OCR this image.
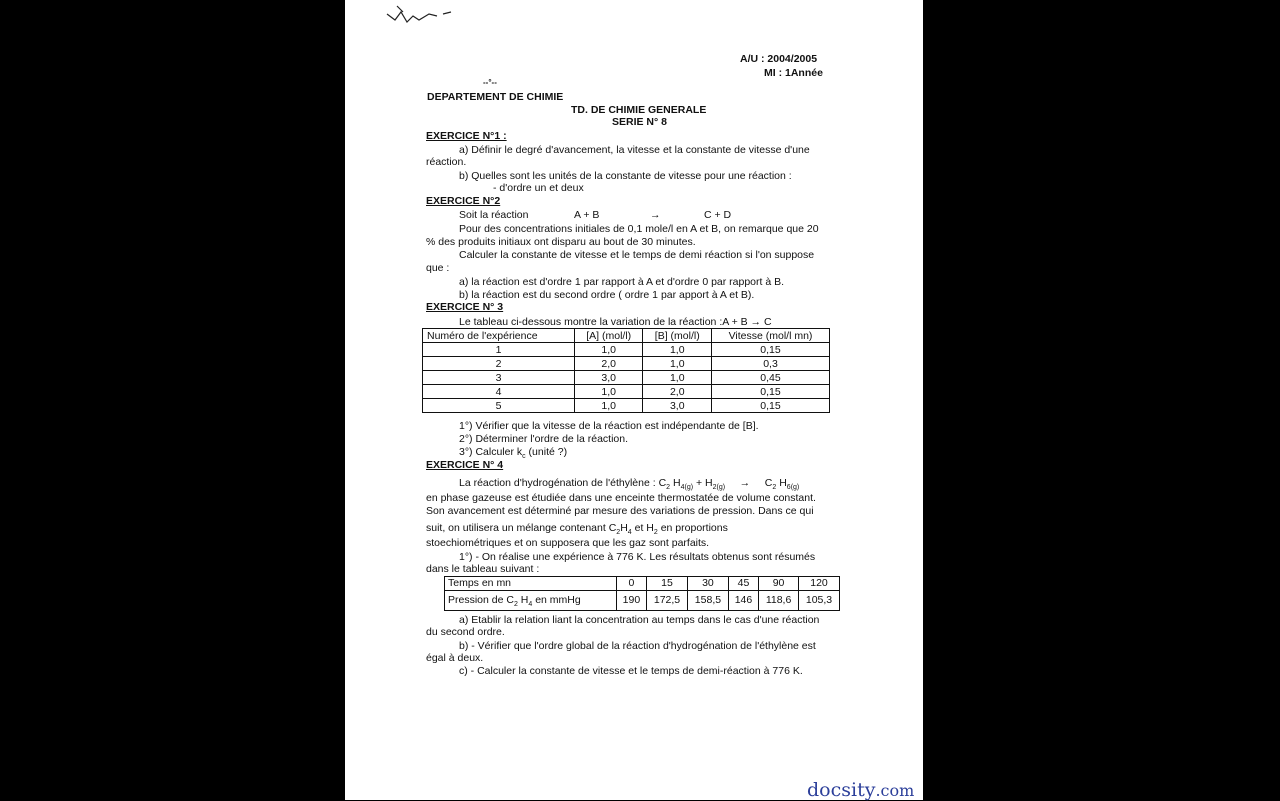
A/U : 2004/2005
MI : 1Année
--°--
DEPARTEMENT DE CHIMIE
TD. DE CHIMIE GENERALE
SERIE N° 8
EXERCICE N°1 :
a) Définir le degré d'avancement, la vitesse et la constante de vitesse d'une
réaction.
b) Quelles sont les unités de la constante de vitesse pour une réaction :
- d'ordre un et deux
EXERCICE N°2
Soit la réaction	A + B	→	C + D
Pour des concentrations initiales de 0,1 mole/l en A et B, on remarque que 20
% des produits initiaux ont disparu au bout de 30 minutes.
Calculer la constante de vitesse et le temps de demi réaction si l'on suppose
que :
a) la réaction est d'ordre 1 par rapport à A et d'ordre 0 par rapport à B.
b) la réaction est du second ordre ( ordre 1 par apport à A et B).
EXERCICE N° 3
Le tableau ci-dessous montre la variation de la réaction :A + B → C
Numéro de l'expérience	[A] (mol/l)	[B] (mol/l)	Vitesse (mol/l mn)
1	1,0	1,0	0,15
2	2,0	1,0	0,3
3	3,0	1,0	0,45
4	1,0	2,0	0,15
5	1,0	3,0	0,15
1°) Vérifier que la vitesse de la réaction est indépendante de [B].
2°) Déterminer l'ordre de la réaction.
3°) Calculer $k_c$ (unité ?)
EXERCICE N° 4
La réaction d'hydrogénation de l'éthylène : $C_2$ $H_{4(g)} + H_{2(g)} \to C_2$ $H_{6(g)}$
en phase gazeuse est étudiée dans une enceinte thermostatée de volume constant.
Son avancement est déterminé par mesure des variations de pression. Dans ce qui
suit, on utilisera un mélange contenant $C_2H_4$ et $H_2$ en proportions
stoechiométriques et on supposera que les gaz sont parfaits.
1°) - On réalise une expérience à 776 K. Les résultats obtenus sont résumés
dans le tableau suivant :
Temps en mn	0	15	30	45	90	120
Pression de $C_2$ $H_4$ en mmHg	190	172,5	158,5	146	118,6	105,3
a) Etablir la relation liant la concentration au temps dans le cas d'une réaction
du second ordre.
b) - Vérifier que l'ordre global de la réaction d'hydrogénation de l'éthylène est
égal à deux.
c) - Calculer la constante de vitesse et le temps de demi-réaction à 776 K.
docsity.com
